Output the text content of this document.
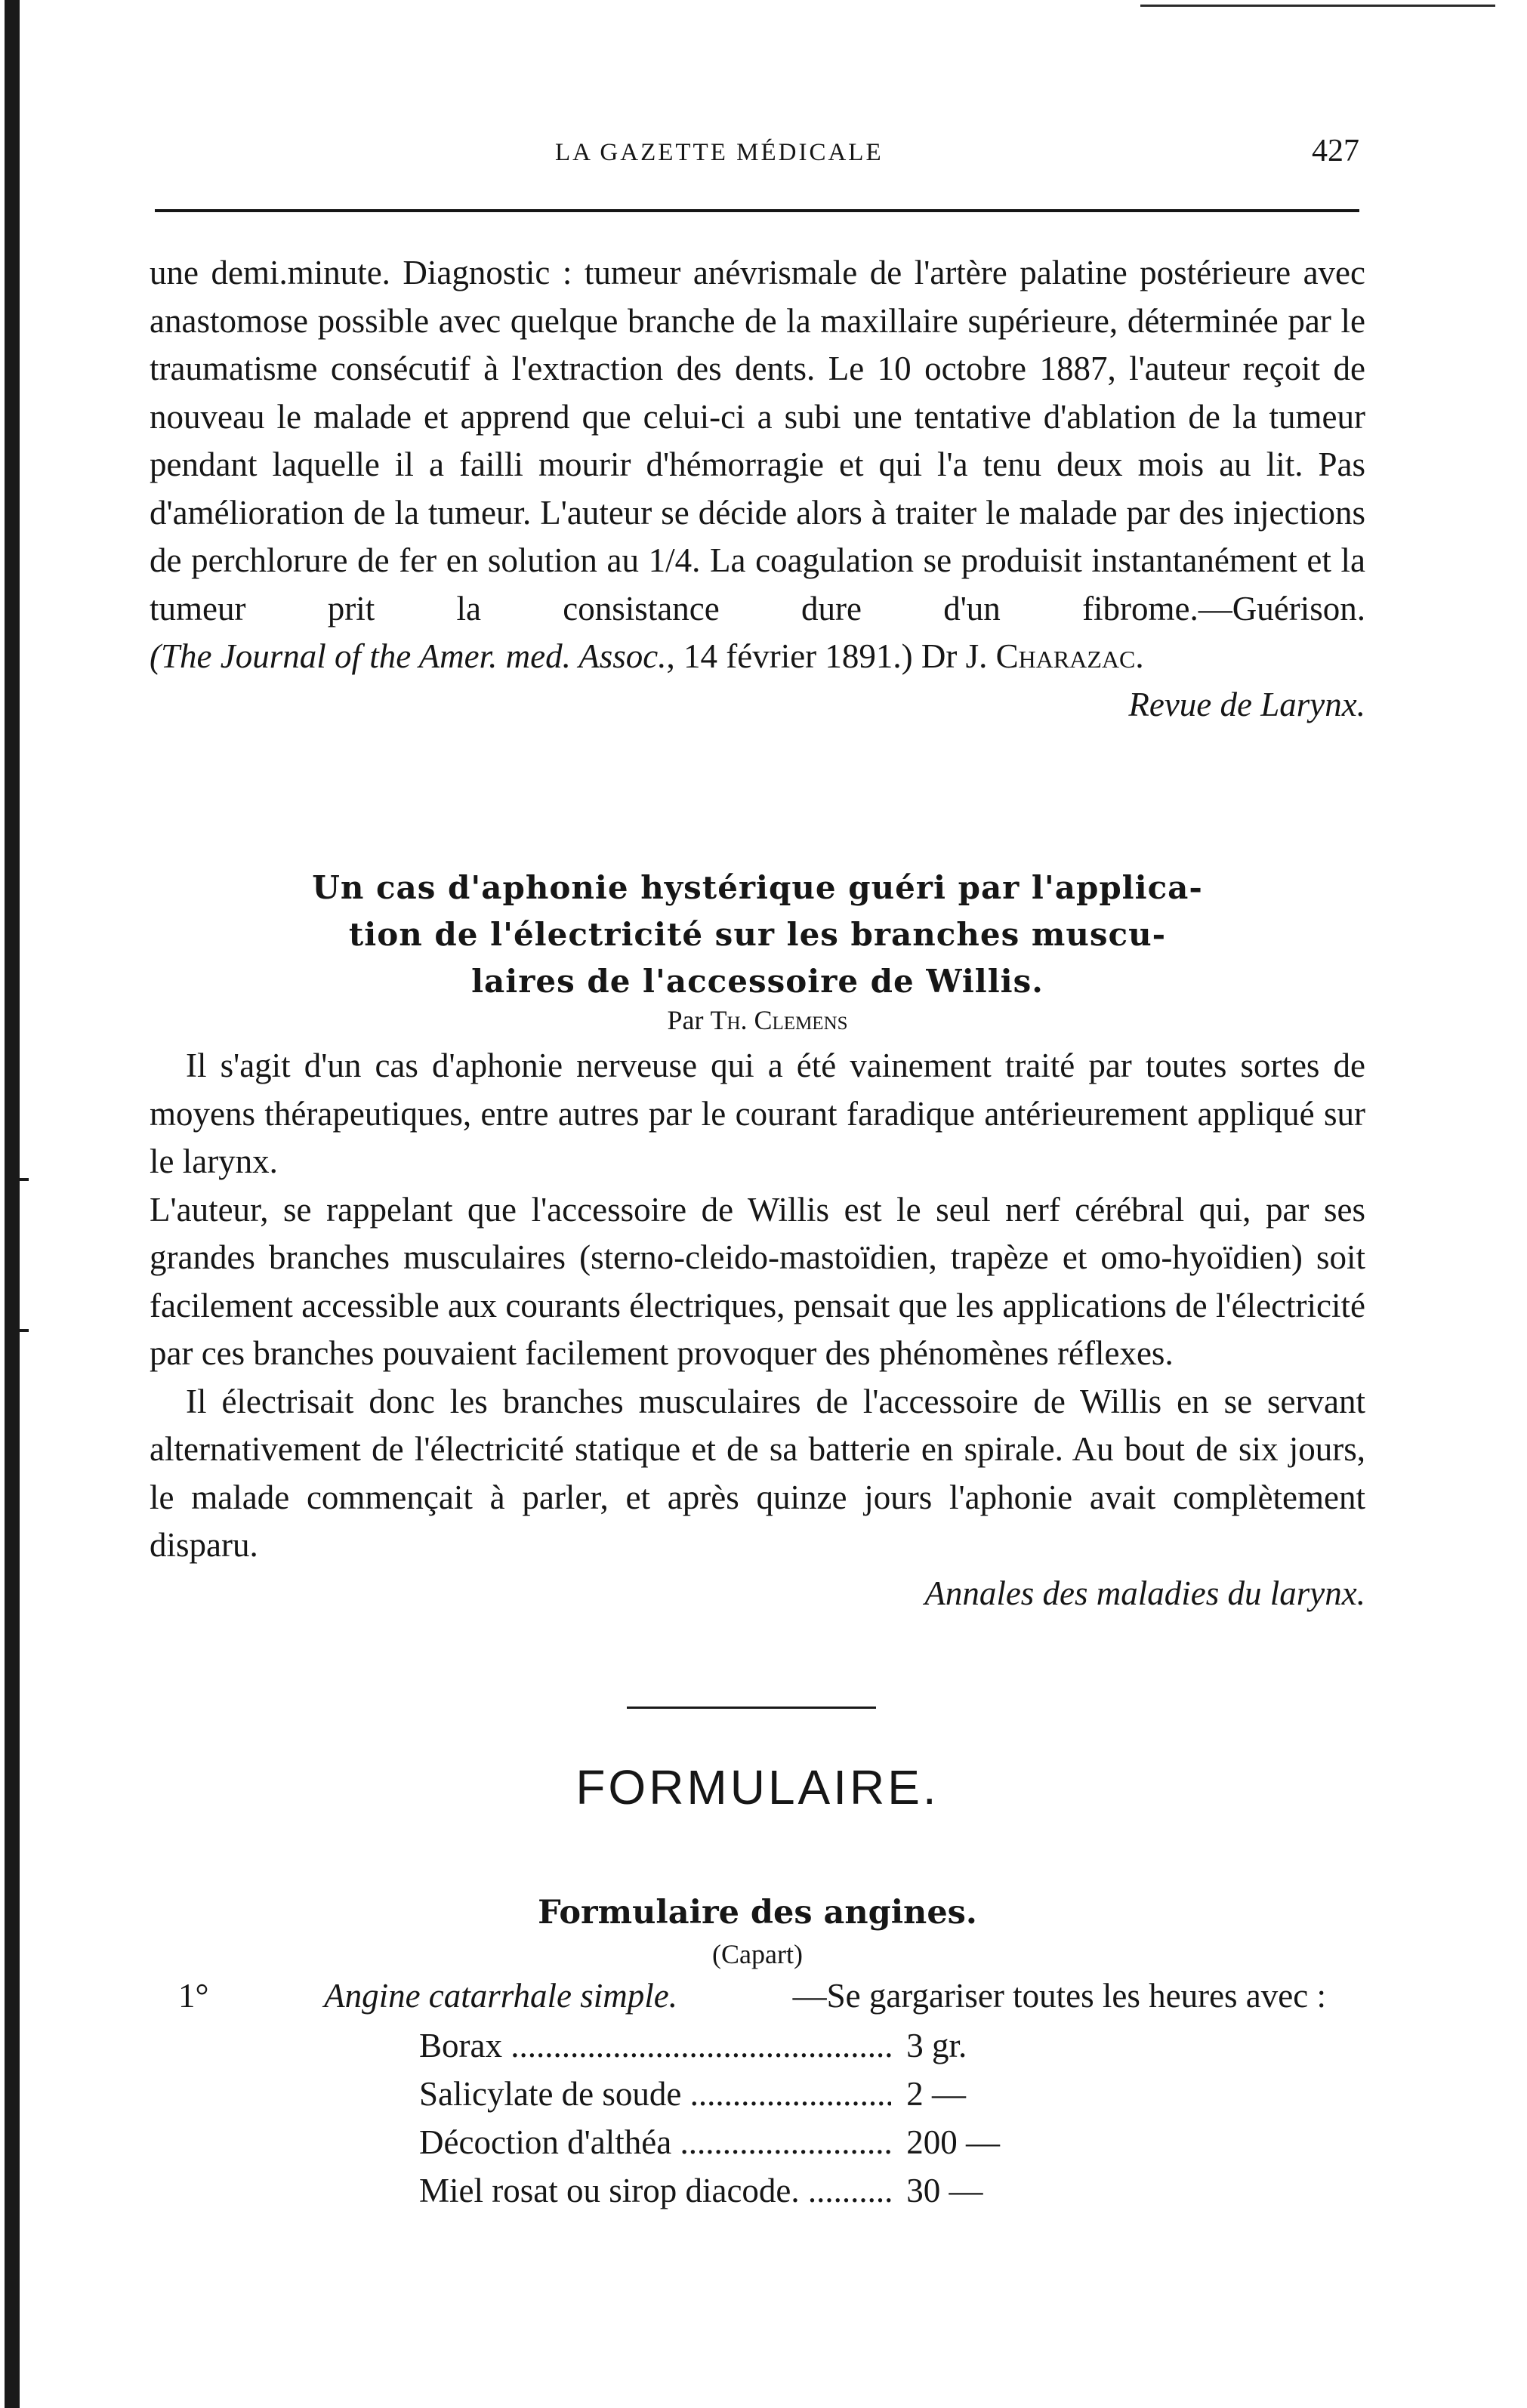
LA GAZETTE MÉDICALE	427

une demi.minute. Diagnostic : tumeur anévrismale de l'artère palatine postérieure avec anastomose possible avec quelque branche de la maxillaire supérieure, déterminée par le traumatisme consécutif à l'extraction des dents. Le 10 octobre 1887, l'auteur reçoit de nouveau le malade et apprend que celui-ci a subi une tentative d'ablation de la tumeur pendant laquelle il a failli mourir d'hémorragie et qui l'a tenu deux mois au lit. Pas d'amélioration de la tumeur. L'auteur se décide alors à traiter le malade par des injections de perchlorure de fer en solution au 1/4. La coagulation se produisit instantanément et la tumeur prit la consistance dure d'un fibrome.—Guérison.

(The Journal of the Amer. med. Assoc., 14 février 1891.) Dr J. Charazac.

Revue de Larynx.
Un cas d'aphonie hystérique guéri par l'applica-
tion de l'électricité sur les branches muscu-
laires de l'accessoire de Willis.
Par Th. Clemens

Il s'agit d'un cas d'aphonie nerveuse qui a été vainement traité par toutes sortes de moyens thérapeutiques, entre autres par le courant faradique antérieurement appliqué sur le larynx.

L'auteur, se rappelant que l'accessoire de Willis est le seul nerf cérébral qui, par ses grandes branches musculaires (sterno-cleido-mastoïdien, trapèze et omo-hyoïdien) soit facilement accessible aux courants électriques, pensait que les applications de l'électricité par ces branches pouvaient facilement provoquer des phénomènes réflexes.

Il électrisait donc les branches musculaires de l'accessoire de Willis en se servant alternativement de l'électricité statique et de sa batterie en spirale. Au bout de six jours, le malade commençait à parler, et après quinze jours l'aphonie avait complètement disparu.

Annales des maladies du larynx.
FORMULAIRE.
Formulaire des angines.
(Capart)
1°	Angine catarrhale simple.	—Se gargariser toutes les heures avec :
Borax .....	3 gr.
Salicylate de soude .....	2 —
Décoction d'althéa .....	200 —
Miel rosat ou sirop diacode. .....	30 —
